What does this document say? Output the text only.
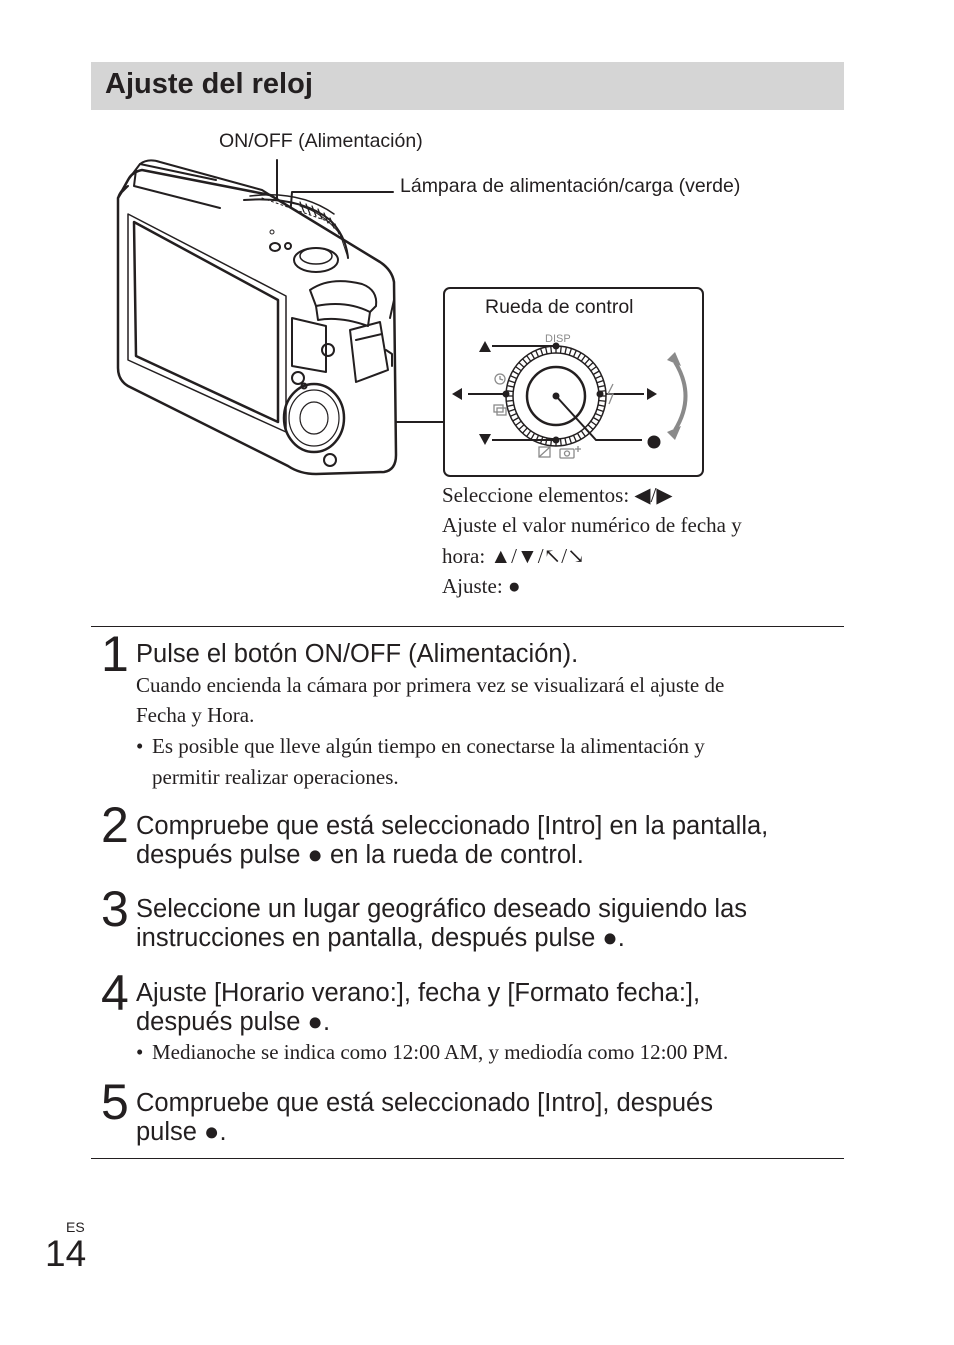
Ajuste del reloj
DISP
ON/OFF (Alimentación)
Lámpara de alimentación/carga (verde)
Rueda de control
Seleccione elementos: ◀/▶
Ajuste el valor numérico de fecha y
hora: ▲/▼/↖/↘
Ajuste: ●
1 Pulse el botón ON/OFF (Alimentación).
Cuando encienda la cámara por primera vez se visualizará el ajuste de
Fecha y Hora.
• Es posible que lleve algún tiempo en conectarse la alimentación y
permitir realizar operaciones.
2 Compruebe que está seleccionado [Intro] en la pantalla,
después pulse ● en la rueda de control.
3 Seleccione un lugar geográfico deseado siguiendo las
instrucciones en pantalla, después pulse ●.
4 Ajuste [Horario verano:], fecha y [Formato fecha:],
después pulse ●.
• Medianoche se indica como 12:00 AM, y mediodía como 12:00 PM.
5 Compruebe que está seleccionado [Intro], después
pulse ●.
ES
14
